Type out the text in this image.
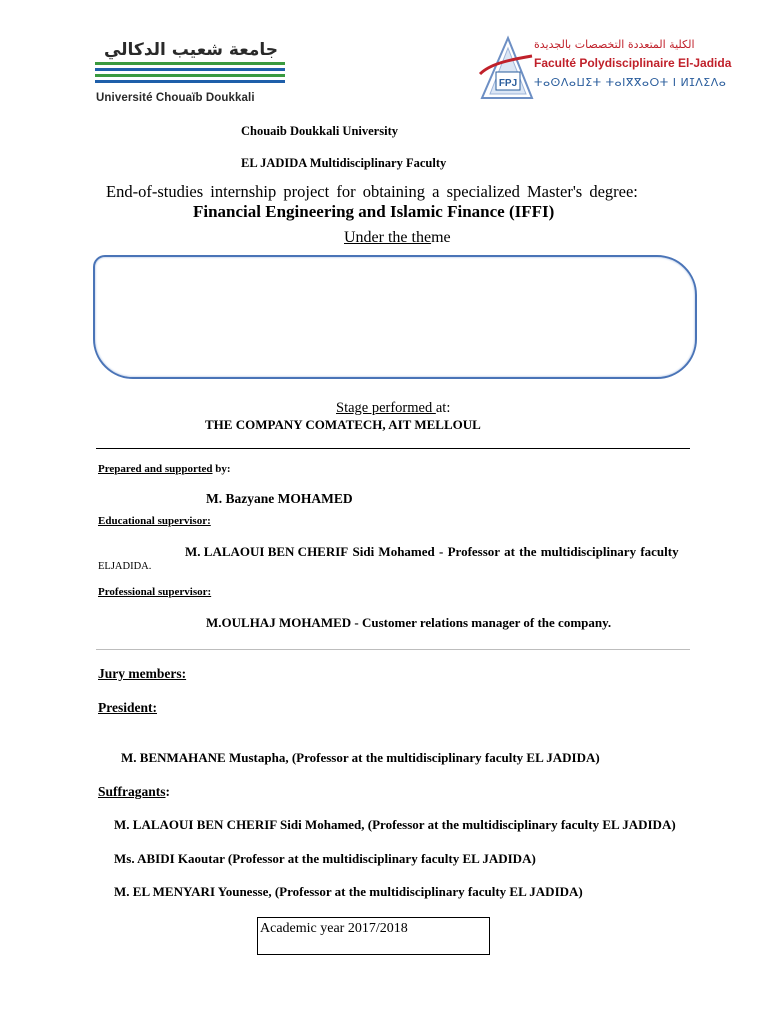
جامعة شعيب الدكالي
Université Chouaïb Doukkali
FPJ
الكلية المتعددة التخصصات بالجديدة
Faculté Polydisciplinaire El-Jadida
ⵜⴰⵙⴷⴰⵡⵉⵜ ⵜⴰⵏⴳⴳⴰⵔⵜ ⵏ ⵍⵊⴷⵉⴷⴰ
Chouaib Doukkali University
EL JADIDA Multidisciplinary Faculty
End-of-studies internship project for obtaining a specialized Master's degree:
Financial Engineering and Islamic Finance (IFFI)
Under the theme
Stage performed at:
THE COMPANY COMATECH, AIT MELLOUL
Prepared and supported by:
M. Bazyane MOHAMED
Educational supervisor:
M. LALAOUI BEN CHERIF Sidi Mohamed - Professor at the multidisciplinary faculty
ELJADIDA.
Professional supervisor:
M.OULHAJ MOHAMED - Customer relations manager of the company.
Jury members:
President:
M. BENMAHANE Mustapha, (Professor at the multidisciplinary faculty EL JADIDA)
Suffragants:
M. LALAOUI BEN CHERIF Sidi Mohamed, (Professor at the multidisciplinary faculty EL JADIDA)
Ms. ABIDI Kaoutar (Professor at the multidisciplinary faculty EL JADIDA)
M. EL MENYARI Younesse, (Professor at the multidisciplinary faculty EL JADIDA)
Academic year 2017/2018
